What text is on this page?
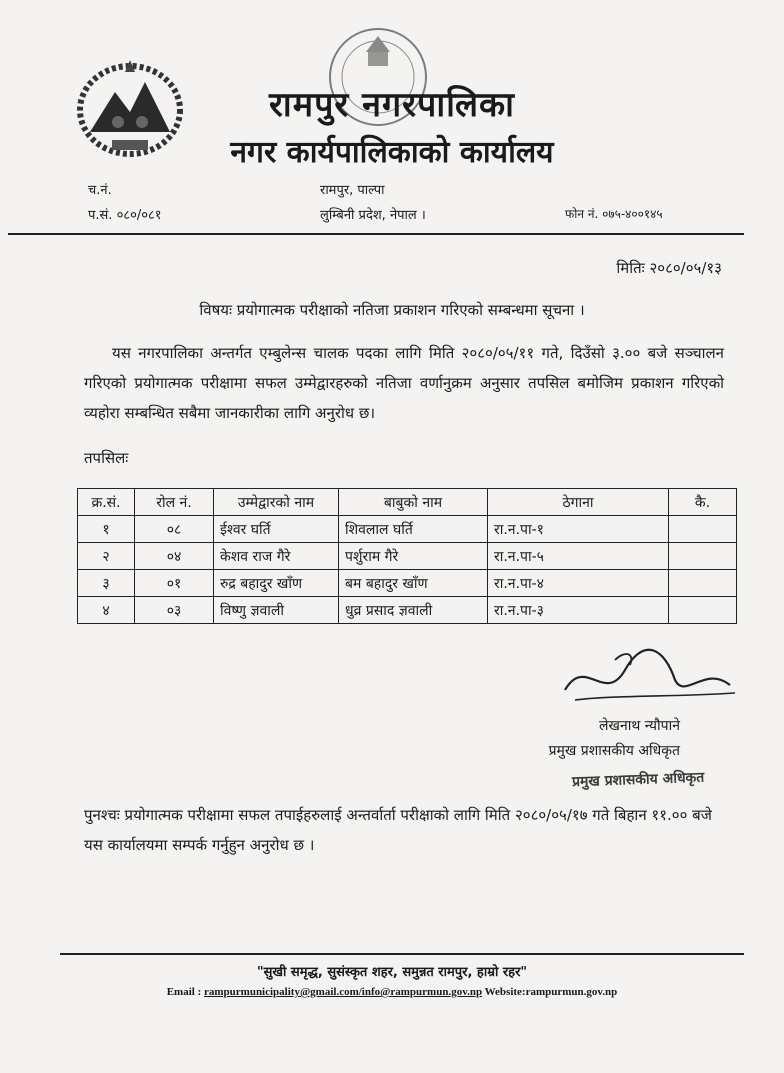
रामपुर नगरपालिका
नगर कार्यपालिकाको कार्यालय
च.नं.
प.सं. ०८०/०८१
रामपुर, पाल्पा
लुम्बिनी प्रदेश, नेपाल ।	फोन नं. ०७५-४००१४५
मितिः २०८०/०५/१३
विषयः प्रयोगात्मक परीक्षाको नतिजा प्रकाशन गरिएको सम्बन्धमा सूचना ।
यस नगरपालिका अन्तर्गत एम्बुलेन्स चालक पदका लागि मिति २०८०/०५/११ गते, दिउँसो ३.०० बजे सञ्चालन गरिएको प्रयोगात्मक परीक्षामा सफल उम्मेद्वारहरुको नतिजा वर्णानुक्रम अनुसार तपसिल बमोजिम प्रकाशन गरिएको व्यहोरा सम्बन्धित सबैमा जानकारीका लागि अनुरोध छ।
तपसिलः
क्र.सं.	रोल नं.	उम्मेद्वारको नाम	बाबुको नाम	ठेगाना	कै.
१	०८	ईश्वर घर्ति	शिवलाल घर्ति	रा.न.पा-१	
२	०४	केशव राज गैरे	पर्शुराम गैरे	रा.न.पा-५	
३	०१	रुद्र बहादुर खाँण	बम बहादुर खाँण	रा.न.पा-४	
४	०३	विष्णु ज्ञवाली	धुव्र प्रसाद ज्ञवाली	रा.न.पा-३	
लेखनाथ न्यौपाने
प्रमुख प्रशासकीय अधिकृत
प्रमुख प्रशासकीय अधिकृत
पुनश्चः प्रयोगात्मक परीक्षामा सफल तपाईहरुलाई अन्तर्वार्ता परीक्षाको लागि मिति २०८०/०५/१७ गते बिहान ११.०० बजे यस कार्यालयमा सम्पर्क गर्नुहुन अनुरोध छ ।
"सुखी समृद्ध, सुसंस्कृत शहर, समुन्नत रामपुर, हाम्रो रहर"
Email : rampurmunicipality@gmail.com/info@rampurmun.gov.np Website:rampurmun.gov.np
